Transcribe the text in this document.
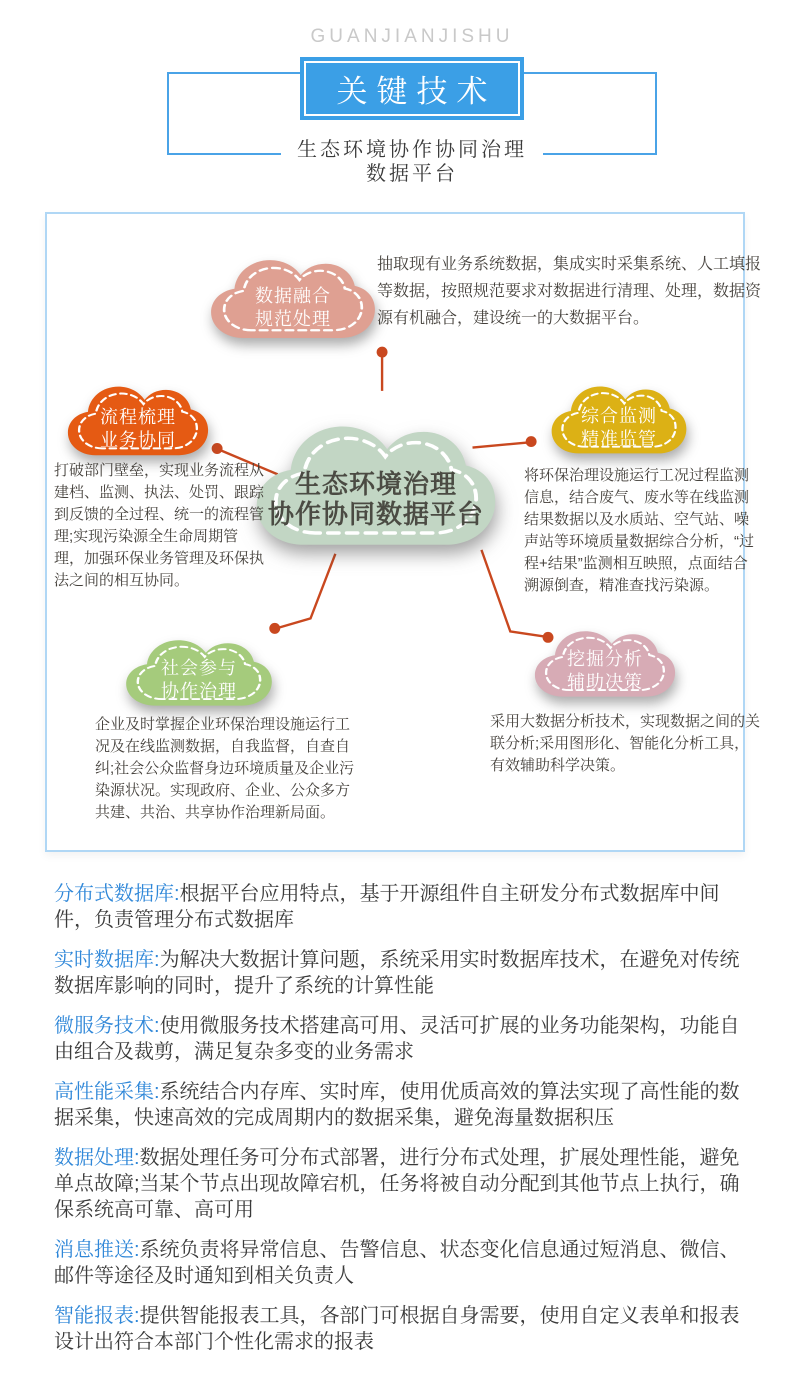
GUANJIANJISHU
关键技术
生态环境协作协同治理
数据平台
生态环境治理
协作协同数据平台
数据融合
规范处理
抽取现有业务系统数据，集成实时采集系统、人工填报等数据，按照规范要求对数据进行清理、处理，数据资源有机融合，建设统一的大数据平台。
流程梳理
业务协同
打破部门壁垒，实现业务流程从建档、监测、执法、处罚、跟踪到反馈的全过程、统一的流程管理;实现污染源全生命周期管理，加强环保业务管理及环保执法之间的相互协同。
综合监测
精准监管
将环保治理设施运行工况过程监测信息，结合废气、废水等在线监测结果数据以及水质站、空气站、噪声站等环境质量数据综合分析，“过程+结果”监测相互映照，点面结合溯源倒查，精准查找污染源。
社会参与
协作治理
企业及时掌握企业环保治理设施运行工况及在线监测数据，自我监督，自查自纠;社会公众监督身边环境质量及企业污染源状况。实现政府、企业、公众多方共建、共治、共享协作治理新局面。
挖掘分析
辅助决策
采用大数据分析技术，实现数据之间的关联分析;采用图形化、智能化分析工具，有效辅助科学决策。

分布式数据库:根据平台应用特点，基于开源组件自主研发分布式数据库中间件，负责管理分布式数据库

实时数据库:为解决大数据计算问题，系统采用实时数据库技术，在避免对传统数据库影响的同时，提升了系统的计算性能

微服务技术:使用微服务技术搭建高可用、灵活可扩展的业务功能架构，功能自由组合及裁剪，满足复杂多变的业务需求

高性能采集:系统结合内存库、实时库，使用优质高效的算法实现了高性能的数据采集，快速高效的完成周期内的数据采集，避免海量数据积压

数据处理:数据处理任务可分布式部署，进行分布式处理，扩展处理性能，避免单点故障;当某个节点出现故障宕机，任务将被自动分配到其他节点上执行，确保系统高可靠、高可用

消息推送:系统负责将异常信息、告警信息、状态变化信息通过短消息、微信、邮件等途径及时通知到相关负责人

智能报表:提供智能报表工具，各部门可根据自身需要，使用自定义表单和报表设计出符合本部门个性化需求的报表
